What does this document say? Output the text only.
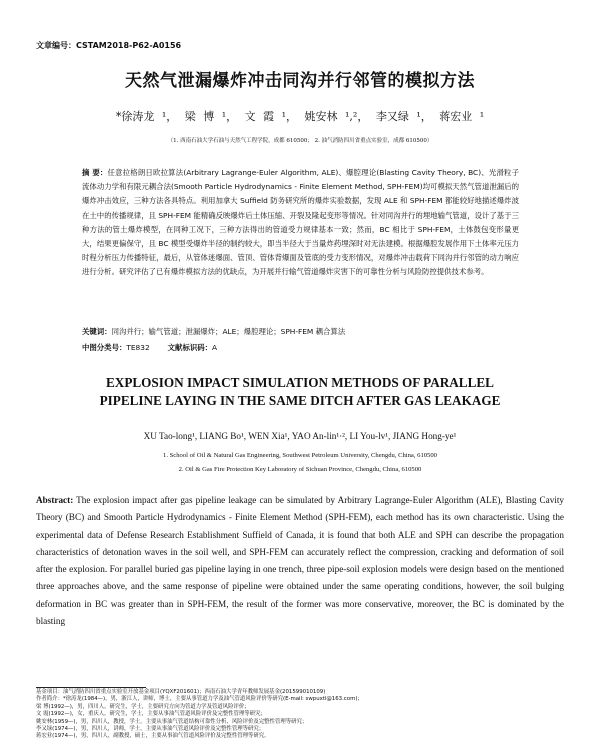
文章编号：CSTAM2018-P62-A0156
天然气泄漏爆炸冲击同沟并行邻管的模拟方法
*徐涛龙 ¹， 梁 博 ¹， 文 霞 ¹， 姚安林 ¹,²， 李又绿 ¹， 蒋宏业 ¹
（1. 西南石油大学石油与天然气工程学院，成都 610500； 2. 油气消防四川省重点实验室，成都 610500）
摘 要：任意拉格朗日欧拉算法(Arbitrary Lagrange-Euler Algorithm, ALE)、爆腔理论(Blasting Cavity Theory, BC)、光滑粒子流体动力学和有限元耦合法(Smooth Particle Hydrodynamics - Finite Element Method, SPH-FEM)均可模拟天然气管道泄漏后的爆炸冲击效应，三种方法各具特点。利用加拿大 Suffield 防务研究所的爆炸实验数据，发现 ALE 和 SPH-FEM 都能较好地描述爆炸波在土中的传播规律，且 SPH-FEM 能精确反映爆炸后土体压缩、开裂及隆起变形等情况。针对同沟并行的埋地输气管道，设计了基于三种方法的管土爆炸模型，在同种工况下，三种方法得出的管道受力规律基本一致；然而，BC 相比于 SPH-FEM，土体鼓包变形量更大，结果更偏保守，且 BC 模型受爆炸半径的制约较大，即当半径大于当量炸药埋深时对无法建模。根据爆腔发展作用下土体率元压力时程分析压力传播特征，最后，从管体迷爆面、管顶、管体背爆面及管底的受力变形情况，对爆炸冲击载荷下同沟并行邻管的动力响应进行分析。研究评估了已有爆炸模拟方法的优缺点，为开展并行输气管道爆炸灾害下的可靠性分析与风险防控提供技术参考。
关键词：同沟并行；输气管道；泄漏爆炸；ALE；爆腔理论；SPH-FEM 耦合算法
中图分类号：TE832 文献标识码：A
EXPLOSION IMPACT SIMULATION METHODS OF PARALLEL
PIPELINE LAYING IN THE SAME DITCH AFTER GAS LEAKAGE
XU Tao-long¹, LIANG Bo¹, WEN Xia¹, YAO An-lin¹·², LI You-lv¹, JIANG Hong-ye¹
1. School of Oil & Natural Gas Engineering, Southwest Petroleum University, Chengdu, China, 610500
2. Oil & Gas Fire Protection Key Laboratory of Sichuan Province, Chengdu, China, 610500
Abstract: The explosion impact after gas pipeline leakage can be simulated by Arbitrary Lagrange-Euler Algorithm (ALE), Blasting Cavity Theory (BC) and Smooth Particle Hydrodynamics - Finite Element Method (SPH-FEM), each method has its own characteristic. Using the experimental data of Defense Research Establishment Suffield of Canada, it is found that both ALE and SPH can describe the propagation characteristics of detonation waves in the soil well, and SPH-FEM can accurately reflect the compression, cracking and deformation of soil after the explosion. For parallel buried gas pipeline laying in one trench, three pipe-soil explosion models were design based on the mentioned three approaches above, and the same response of pipeline were obtained under the same operating conditions, however, the soil bulging deformation in BC was greater than in SPH-FEM, the result of the former was more conservative, moreover, the BC is dominated by the blasting
基金项目：油气消防四川省重点实验室开放基金项目(YQXF201601)；西南石油大学青年教师发展基金(201599010109)
作者简介：*徐涛龙(1984—)，男，浙江人，讲师，博士，主要从事管道力学及油气管道风险评价等研究(E-mail: swpuxtl@163.com)；
梁 博(1992—)，男，四川人，研究生，学士，主要研究方向为管道力学及管道风险评价；
文 霞(1992—)，女，重庆人，研究生，学士，主要从事油气管道风险评价及完整性管理等研究；
姚安林(1959—)，男，四川人，教授，学士，主要从事油气管道结构可靠性分析、风险评价及完整性管理等研究；
李又绿(1974—)，男，四川人，讲师，学士，主要从事油气管道风险评价及完整性管理等研究；
蒋宏业(1974—)，男，四川人，副教授，硕士，主要从事油气管道风险评价及完整性管理等研究。
